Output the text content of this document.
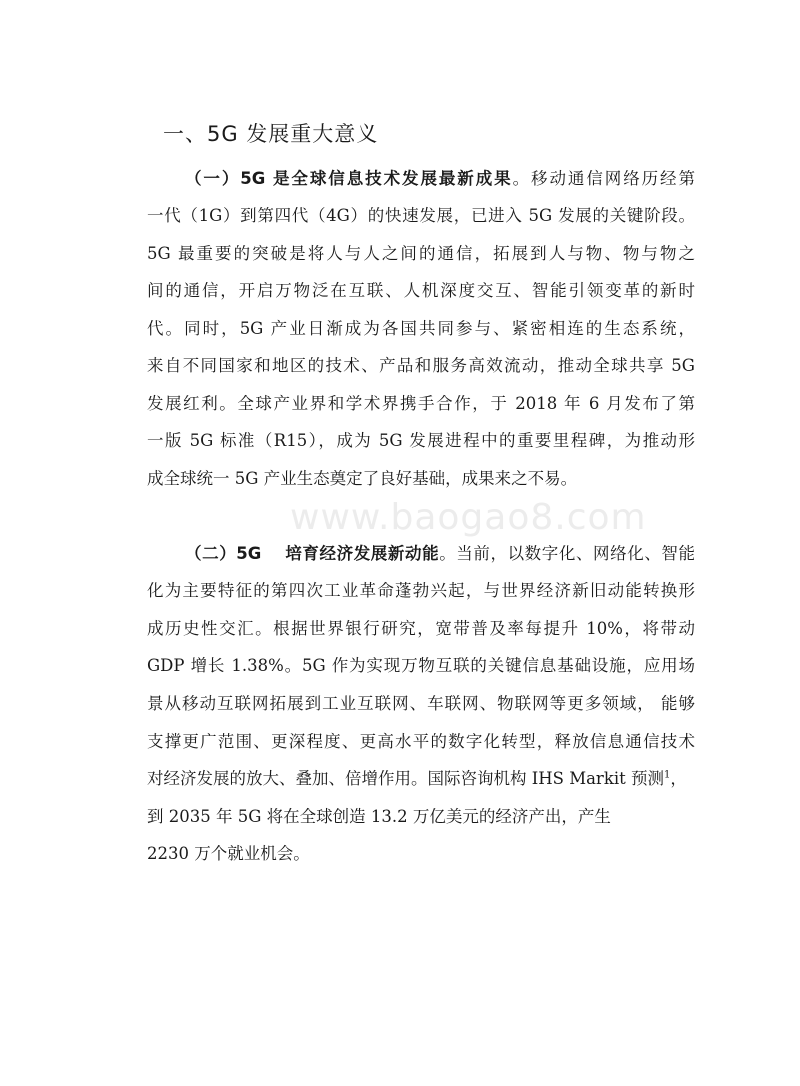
www.baogao8.com
一、5G 发展重大意义
（一）5G 是全球信息技术发展最新成果。移动通信网络历经第
一代（1G）到第四代（4G）的快速发展，已进入 5G 发展的关键阶段。
5G 最重要的突破是将人与人之间的通信，拓展到人与物、物与物之
间的通信，开启万物泛在互联、人机深度交互、智能引领变革的新时
代。同时，5G 产业日渐成为各国共同参与、紧密相连的生态系统，
来自不同国家和地区的技术、产品和服务高效流动，推动全球共享 5G
发展红利。全球产业界和学术界携手合作，于 2018 年 6 月发布了第
一版 5G 标准（R15），成为 5G 发展进程中的重要里程碑，为推动形
成全球统一 5G 产业生态奠定了良好基础，成果来之不易。
（二）5G　 培育经济发展新动能。当前，以数字化、网络化、智能
化为主要特征的第四次工业革命蓬勃兴起，与世界经济新旧动能转换形
成历史性交汇。根据世界银行研究，宽带普及率每提升 10%，将带动
GDP 增长 1.38%。5G 作为实现万物互联的关键信息基础设施，应用场
景从移动互联网拓展到工业互联网、车联网、物联网等更多领域， 能够
支撑更广范围、更深程度、更高水平的数字化转型，释放信息通信技术
对经济发展的放大、叠加、倍增作用。国际咨询机构 IHS Markit 预测$^1$，
到 2035 年 5G 将在全球创造 13.2 万亿美元的经济产出，产生
2230 万个就业机会。
